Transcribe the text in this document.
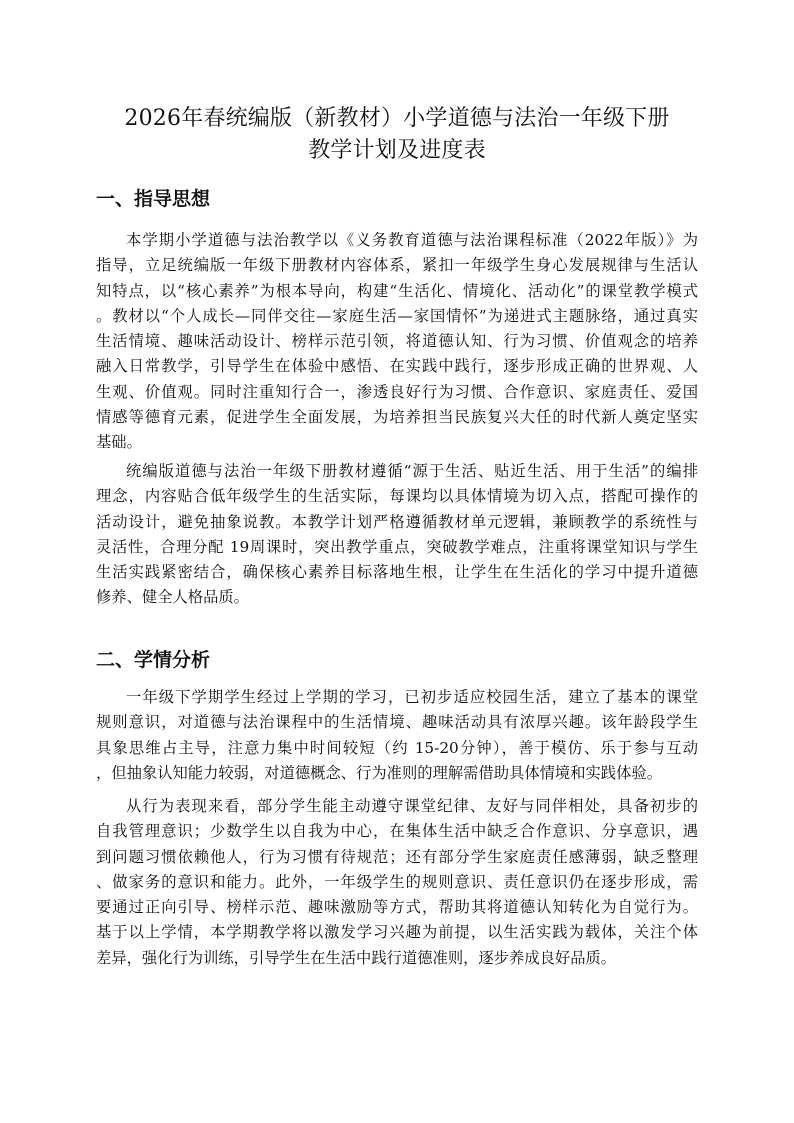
2026年春统编版（新教材）小学道德与法治一年级下册
教学计划及进度表
一、指导思想
本学期小学道德与法治教学以《义务教育道德与法治课程标准（2022年版）》为
指导，立足统编版一年级下册教材内容体系，紧扣一年级学生身心发展规律与生活认
知特点，以“核心素养”为根本导向，构建“生活化、情境化、活动化”的课堂教学模式
。教材以“个人成长—同伴交往—家庭生活—家国情怀”为递进式主题脉络，通过真实
生活情境、趣味活动设计、榜样示范引领，将道德认知、行为习惯、价值观念的培养
融入日常教学，引导学生在体验中感悟、在实践中践行，逐步形成正确的世界观、人
生观、价值观。同时注重知行合一，渗透良好行为习惯、合作意识、家庭责任、爱国
情感等德育元素，促进学生全面发展，为培养担当民族复兴大任的时代新人奠定坚实
基础。
统编版道德与法治一年级下册教材遵循“源于生活、贴近生活、用于生活”的编排
理念，内容贴合低年级学生的生活实际，每课均以具体情境为切入点，搭配可操作的
活动设计，避免抽象说教。本教学计划严格遵循教材单元逻辑，兼顾教学的系统性与
灵活性，合理分配 19周课时，突出教学重点，突破教学难点，注重将课堂知识与学生
生活实践紧密结合，确保核心素养目标落地生根，让学生在生活化的学习中提升道德
修养、健全人格品质。
二、学情分析
一年级下学期学生经过上学期的学习，已初步适应校园生活，建立了基本的课堂
规则意识，对道德与法治课程中的生活情境、趣味活动具有浓厚兴趣。该年龄段学生
具象思维占主导，注意力集中时间较短（约 15-20分钟），善于模仿、乐于参与互动
，但抽象认知能力较弱，对道德概念、行为准则的理解需借助具体情境和实践体验。
从行为表现来看，部分学生能主动遵守课堂纪律、友好与同伴相处，具备初步的
自我管理意识；少数学生以自我为中心，在集体生活中缺乏合作意识、分享意识，遇
到问题习惯依赖他人，行为习惯有待规范；还有部分学生家庭责任感薄弱，缺乏整理
、做家务的意识和能力。此外，一年级学生的规则意识、责任意识仍在逐步形成，需
要通过正向引导、榜样示范、趣味激励等方式，帮助其将道德认知转化为自觉行为。
基于以上学情，本学期教学将以激发学习兴趣为前提，以生活实践为载体，关注个体
差异，强化行为训练，引导学生在生活中践行道德准则，逐步养成良好品质。
